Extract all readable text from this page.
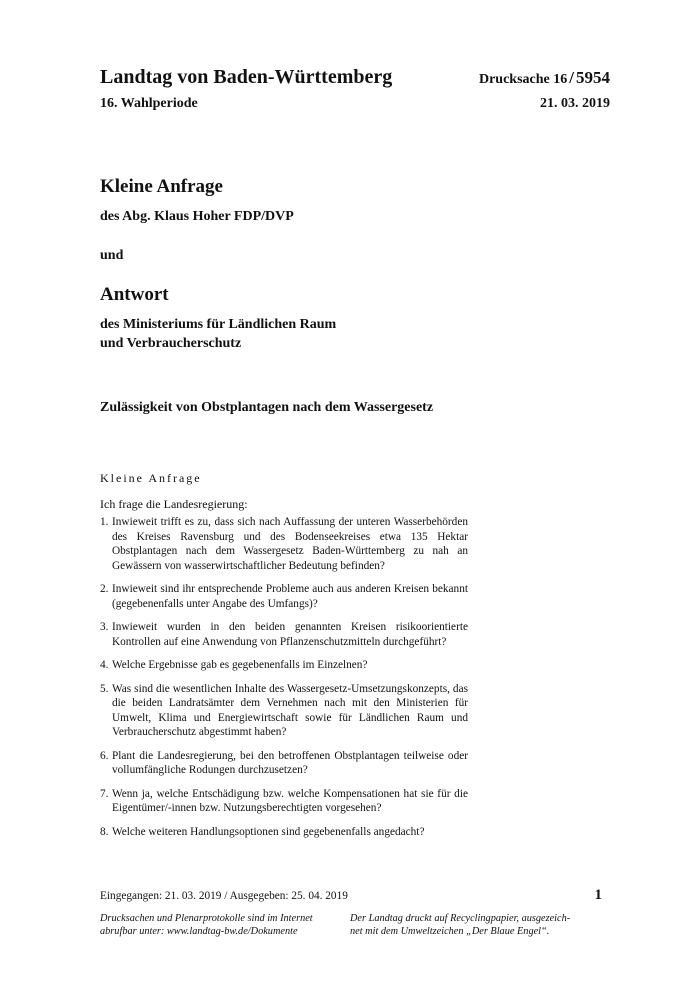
Landtag von Baden-Württemberg
16. Wahlperiode
Drucksache 16 / 5954
21. 03. 2019
Kleine Anfrage
des Abg. Klaus Hoher FDP/DVP
und
Antwort
des Ministeriums für Ländlichen Raum
und Verbraucherschutz
Zulässigkeit von Obstplantagen nach dem Wassergesetz
Kleine Anfrage
Ich frage die Landesregierung:
1. Inwieweit trifft es zu, dass sich nach Auffassung der unteren Wasserbehörden des Kreises Ravensburg und des Bodenseekreises etwa 135 Hektar Obstplantagen nach dem Wassergesetz Baden-Württemberg zu nah an Gewässern von wasserwirtschaftlicher Bedeutung befinden?
2. Inwieweit sind ihr entsprechende Probleme auch aus anderen Kreisen bekannt (gegebenenfalls unter Angabe des Umfangs)?
3. Inwieweit wurden in den beiden genannten Kreisen risikoorientierte Kontrollen auf eine Anwendung von Pflanzenschutzmitteln durchgeführt?
4. Welche Ergebnisse gab es gegebenenfalls im Einzelnen?
5. Was sind die wesentlichen Inhalte des Wassergesetz-Umsetzungskonzepts, das die beiden Landratsämter dem Vernehmen nach mit den Ministerien für Umwelt, Klima und Energiewirtschaft sowie für Ländlichen Raum und Verbraucherschutz abgestimmt haben?
6. Plant die Landesregierung, bei den betroffenen Obstplantagen teilweise oder vollumfängliche Rodungen durchzusetzen?
7. Wenn ja, welche Entschädigung bzw. welche Kompensationen hat sie für die Eigentümer/-innen bzw. Nutzungsberechtigten vorgesehen?
8. Welche weiteren Handlungsoptionen sind gegebenenfalls angedacht?
Eingegangen: 21. 03. 2019 / Ausgegeben: 25. 04. 2019	1
Drucksachen und Plenarprotokolle sind im Internet
abrufbar unter: www.landtag-bw.de/Dokumente
Der Landtag druckt auf Recyclingpapier, ausgezeich-
net mit dem Umweltzeichen „Der Blaue Engel“.
